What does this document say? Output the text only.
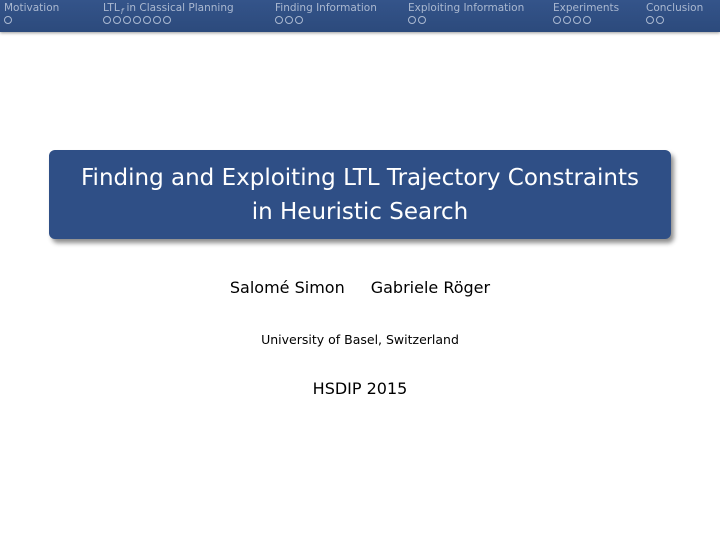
Motivation	$LTL_f$ in Classical Planning	Finding Information	Exploiting Information	Experiments	Conclusion
Finding and Exploiting LTL Trajectory Constraints
in Heuristic Search
Salomé Simon Gabriele Röger
University of Basel, Switzerland
HSDIP 2015
